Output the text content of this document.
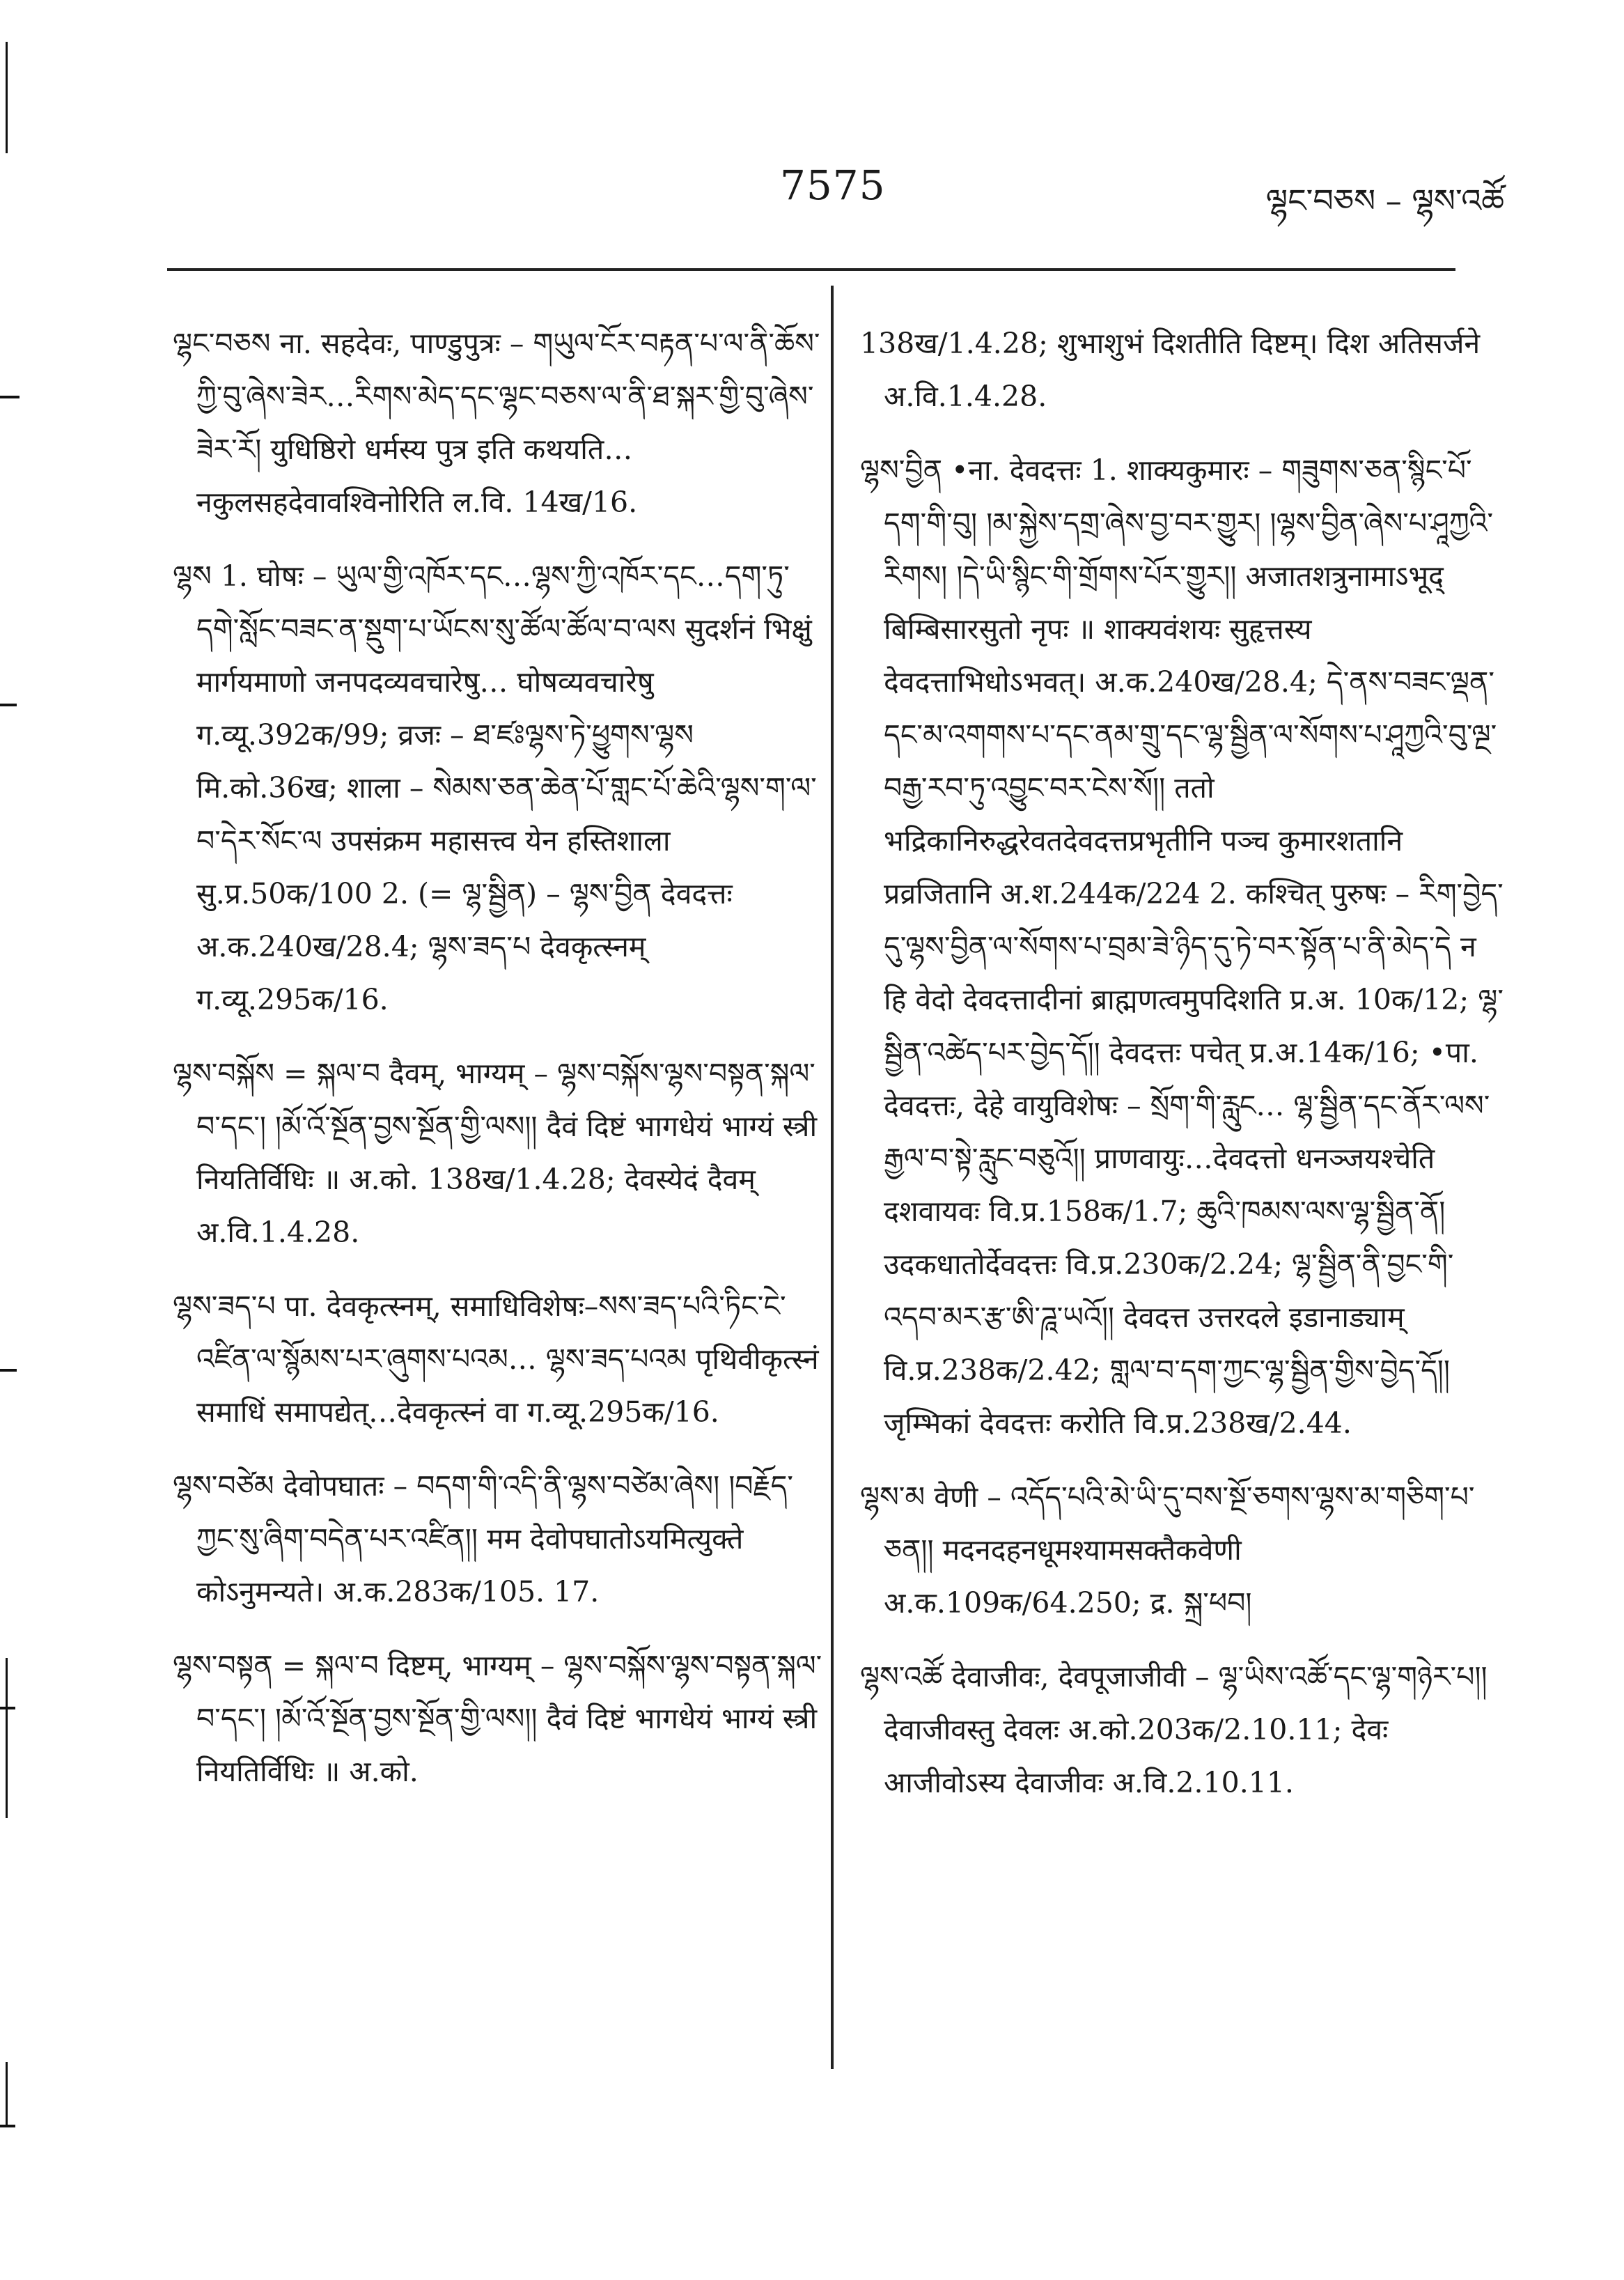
7575	ལྷང་བཅས – ལྷས་འཚོ
ལྷང་བཅས ना. सहदेवः, पाण्डुपुत्रः – གཡུལ་ངོར་བརྟན་པ་ལ་ནི་ཆོས་ཀྱི་བུ་ཞེས་ཟེར…རིགས་མེད་དང་ལྷང་བཅས་ལ་ནི་ཐ་སྐར་གྱི་བུ་ཞེས་ཟེར་རོ། युधिष्ठिरो धर्मस्य पुत्र इति कथयति… नकुलसहदेवावश्विनोरिति ल.वि. 14ख/16.
ལྷས 1. घोषः – ཡུལ་གྱི་འཁོར་དང…ལྷས་ཀྱི་འཁོར་དང…དག་ཏུ་དགེ་སློང་བཟང་ན་སྡུག་པ་ཡོངས་སུ་ཚོལ་ཚོལ་བ་ལས सुदर्शनं भिक्षुं मार्गयमाणो जनपदव्यवचारेषु… घोषव्यवचारेषु ग.व्यू.392क/99; व्रजः – ཐ་ཛཿལྷས་ཏེ་ཕྱུགས་ལྷས मि.को.36ख; शाला – སེམས་ཅན་ཆེན་པོ་གླང་པོ་ཆེའི་ལྷས་ག་ལ་བ་དེར་སོང་ལ उपसंक्रम महासत्त्व येन हस्तिशाला सु.प्र.50क/100 2. (= ལྷ་སྦྱིན) – ལྷས་བྱིན देवदत्तः अ.क.240ख/28.4; ལྷས་ཟད་པ देवकृत्स्नम् ग.व्यू.295क/16.
ལྷས་བསྐོས = སྐལ་བ दैवम्, भाग्यम् – ལྷས་བསྐོས་ལྷས་བསྟན་སྐལ་བ་དང་། །མོ་འོ་སྔོན་བྱས་སྔོན་གྱི་ལས།། दैवं दिष्टं भागधेयं भाग्यं स्त्री नियतिर्विधिः ॥ अ.को. 138ख/1.4.28; देवस्येदं दैवम् अ.वि.1.4.28.
ལྷས་ཟད་པ पा. देवकृत्स्नम्, समाधिविशेषः–སས་ཟད་པའི་ཏིང་ངེ་འཛིན་ལ་སྙོམས་པར་ཞུགས་པའམ… ལྷས་ཟད་པའམ पृथिवीकृत्स्नं समाधिं समापद्येत्…देवकृत्स्नं वा ग.व्यू.295क/16.
ལྷས་བཙེམ देवोपघातः – བདག་གི་འདི་ནི་ལྷས་བཙེམ་ཞེས། །བརྗོད་ཀྱང་སུ་ཞིག་བདེན་པར་འཛིན།། मम देवोपघातोऽयमित्युक्ते कोऽनुमन्यते। अ.क.283क/105. 17.
ལྷས་བསྟན = སྐལ་བ दिष्टम्, भाग्यम् – ལྷས་བསྐོས་ལྷས་བསྟན་སྐལ་བ་དང་། །མོ་འོ་སྔོན་བྱས་སྔོན་གྱི་ལས།། दैवं दिष्टं भागधेयं भाग्यं स्त्री नियतिर्विधिः ॥ अ.को.
138ख/1.4.28; शुभाशुभं दिशतीति दिष्टम्। दिश अतिसर्जने अ.वि.1.4.28.
ལྷས་བྱིན •ना. देवदत्तः 1. शाक्यकुमारः – གཟུགས་ཅན་སྙིང་པོ་དག་གི་བུ། །མ་སྐྱེས་དགྲ་ཞེས་བྱ་བར་གྱུར། །ལྷས་བྱིན་ཞེས་པ་ཤཱཀྱའི་རིགས། །དེ་ཡི་སྙིང་གི་གྲོགས་པོར་གྱུར།། अजातशत्रुनामाऽभूद् बिम्बिसारसुतो नृपः ॥ शाक्यवंशयः सुहृत्तस्य देवदत्ताभिधोऽभवत्। अ.क.240ख/28.4; དེ་ནས་བཟང་ལྡན་དང་མ་འགགས་པ་དང་ནམ་གྲུ་དང་ལྷ་སྦྱིན་ལ་སོགས་པ་ཤཱཀྱའི་བུ་ལྔ་བརྒྱ་རབ་ཏུ་འབྱུང་བར་ངེས་སོ།། ततो भद्रिकानिरुद्धरेवतदेवदत्तप्रभृतीनि पञ्च कुमारशतानि प्रव्रजितानि अ.श.244क/224 2. कश्चित् पुरुषः – རིག་བྱེད་དུ་ལྷས་བྱིན་ལ་སོགས་པ་བྲམ་ཟེ་ཉིད་དུ་ཏེ་བར་སྟོན་པ་ནི་མེད་དེ न हि वेदो देवदत्तादीनां ब्राह्मणत्वमुपदिशति प्र.अ. 10क/12; ལྷ་སྦྱིན་འཚེད་པར་བྱེད་དོ།། देवदत्तः पचेत् प्र.अ.14क/16; •पा. देवदत्तः, देहे वायुविशेषः – སྲོག་གི་རླུང… ལྷ་སྦྱིན་དང་ནོར་ལས་རྒྱལ་བ་སྟེ་རླུང་བཅུའོ།། प्राणवायुः…देवदत्तो धनञ्जयश्चेति दशवायवः वि.प्र.158क/1.7; ཆུའི་ཁམས་ལས་ལྷ་སྦྱིན་ནོ། उदकधातोर्देवदत्तः वि.प्र.230क/2.24; ལྷ་སྦྱིན་ནི་བྱང་གི་འདབ་མར་རྩ་ཨི་ཌཱ་ཡའོ།། देवदत्त उत्तरदले इडानाड्याम् वि.प्र.238क/2.42; གླལ་བ་དག་ཀྱང་ལྷ་སྦྱིན་གྱིས་བྱེད་དོ།། जृम्भिकां देवदत्तः करोति वि.प्र.238ख/2.44.
ལྷས་མ वेणी – འདོད་པའི་མེ་ཡི་དུ་བས་སྔོ་ཅགས་ལྷས་མ་གཅིག་པ་ཅན།། मदनदहनधूमश्यामसक्तैकवेणी अ.क.109क/64.250; द्र. སྐྲ་ཕབ།
ལྷས་འཚོ देवाजीवः, देवपूजाजीवी – ལྷ་ཡིས་འཚོ་དང་ལྷ་གཉེར་པ།། देवाजीवस्तु देवलः अ.को.203क/2.10.11; देवः आजीवोऽस्य देवाजीवः अ.वि.2.10.11.
